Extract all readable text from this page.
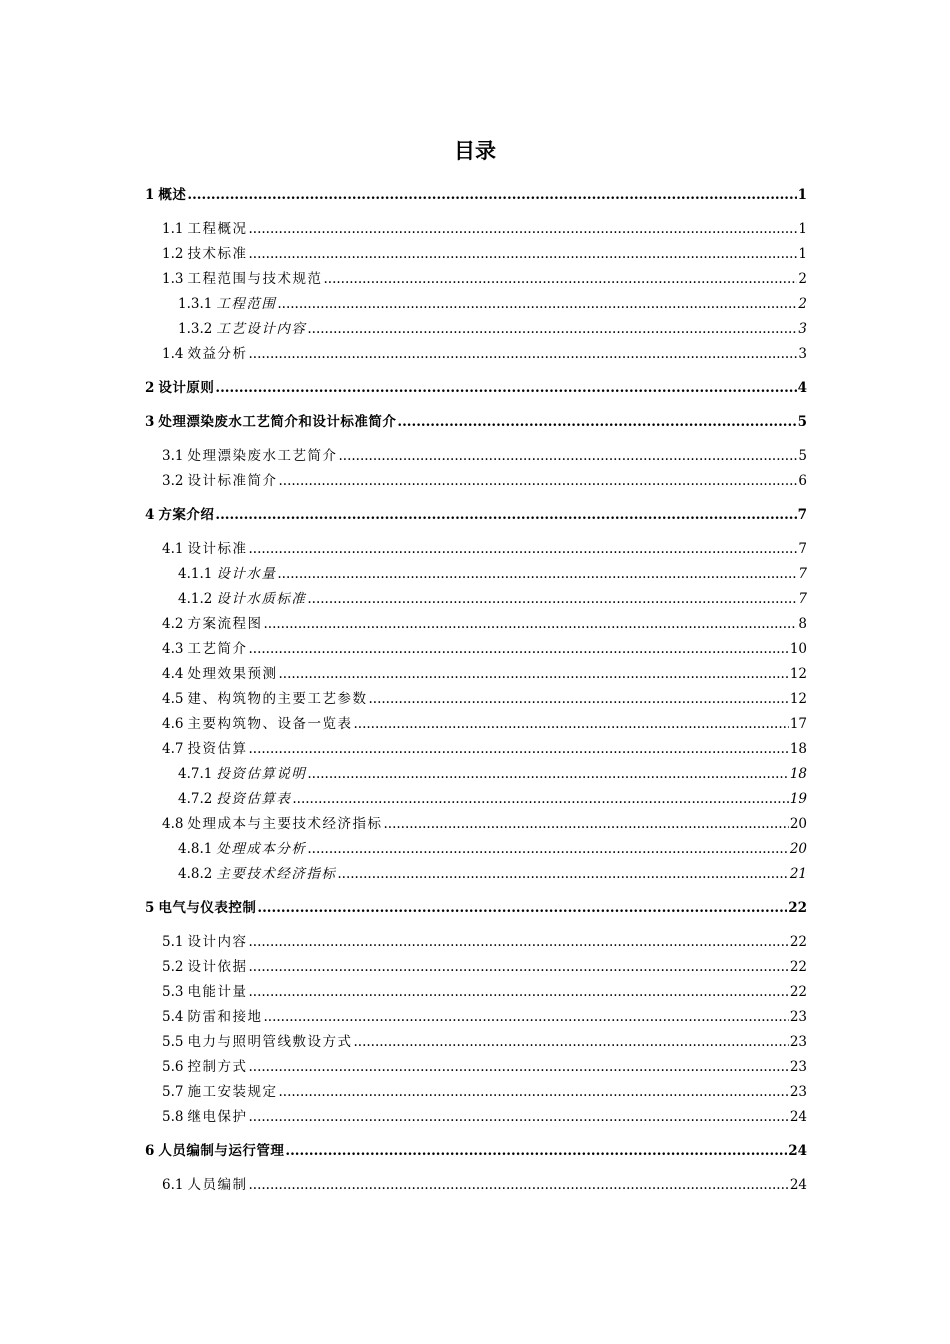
目录
1 概述 .....	1
1.1 工程概况 .....	1
1.2 技术标准 .....	1
1.3 工程范围与技术规范 .....	2
1.3.1 工程范围 .....	2
1.3.2 工艺设计内容 .....	3
1.4 效益分析 .....	3
2 设计原则 .....	4
3 处理漂染废水工艺简介和设计标准简介 .....	5
3.1 处理漂染废水工艺简介 .....	5
3.2 设计标准简介 .....	6
4 方案介绍 .....	7
4.1 设计标准 .....	7
4.1.1 设计水量 .....	7
4.1.2 设计水质标准 .....	7
4.2 方案流程图 .....	8
4.3 工艺简介 .....	10
4.4 处理效果预测 .....	12
4.5 建、构筑物的主要工艺参数 .....	12
4.6 主要构筑物、设备一览表 .....	17
4.7 投资估算 .....	18
4.7.1 投资估算说明 .....	18
4.7.2 投资估算表 .....	19
4.8 处理成本与主要技术经济指标 .....	20
4.8.1 处理成本分析 .....	20
4.8.2 主要技术经济指标 .....	21
5 电气与仪表控制 .....	22
5.1 设计内容 .....	22
5.2 设计依据 .....	22
5.3 电能计量 .....	22
5.4 防雷和接地 .....	23
5.5 电力与照明管线敷设方式 .....	23
5.6 控制方式 .....	23
5.7 施工安装规定 .....	23
5.8 继电保护 .....	24
6 人员编制与运行管理 .....	24
6.1 人员编制 .....	24
